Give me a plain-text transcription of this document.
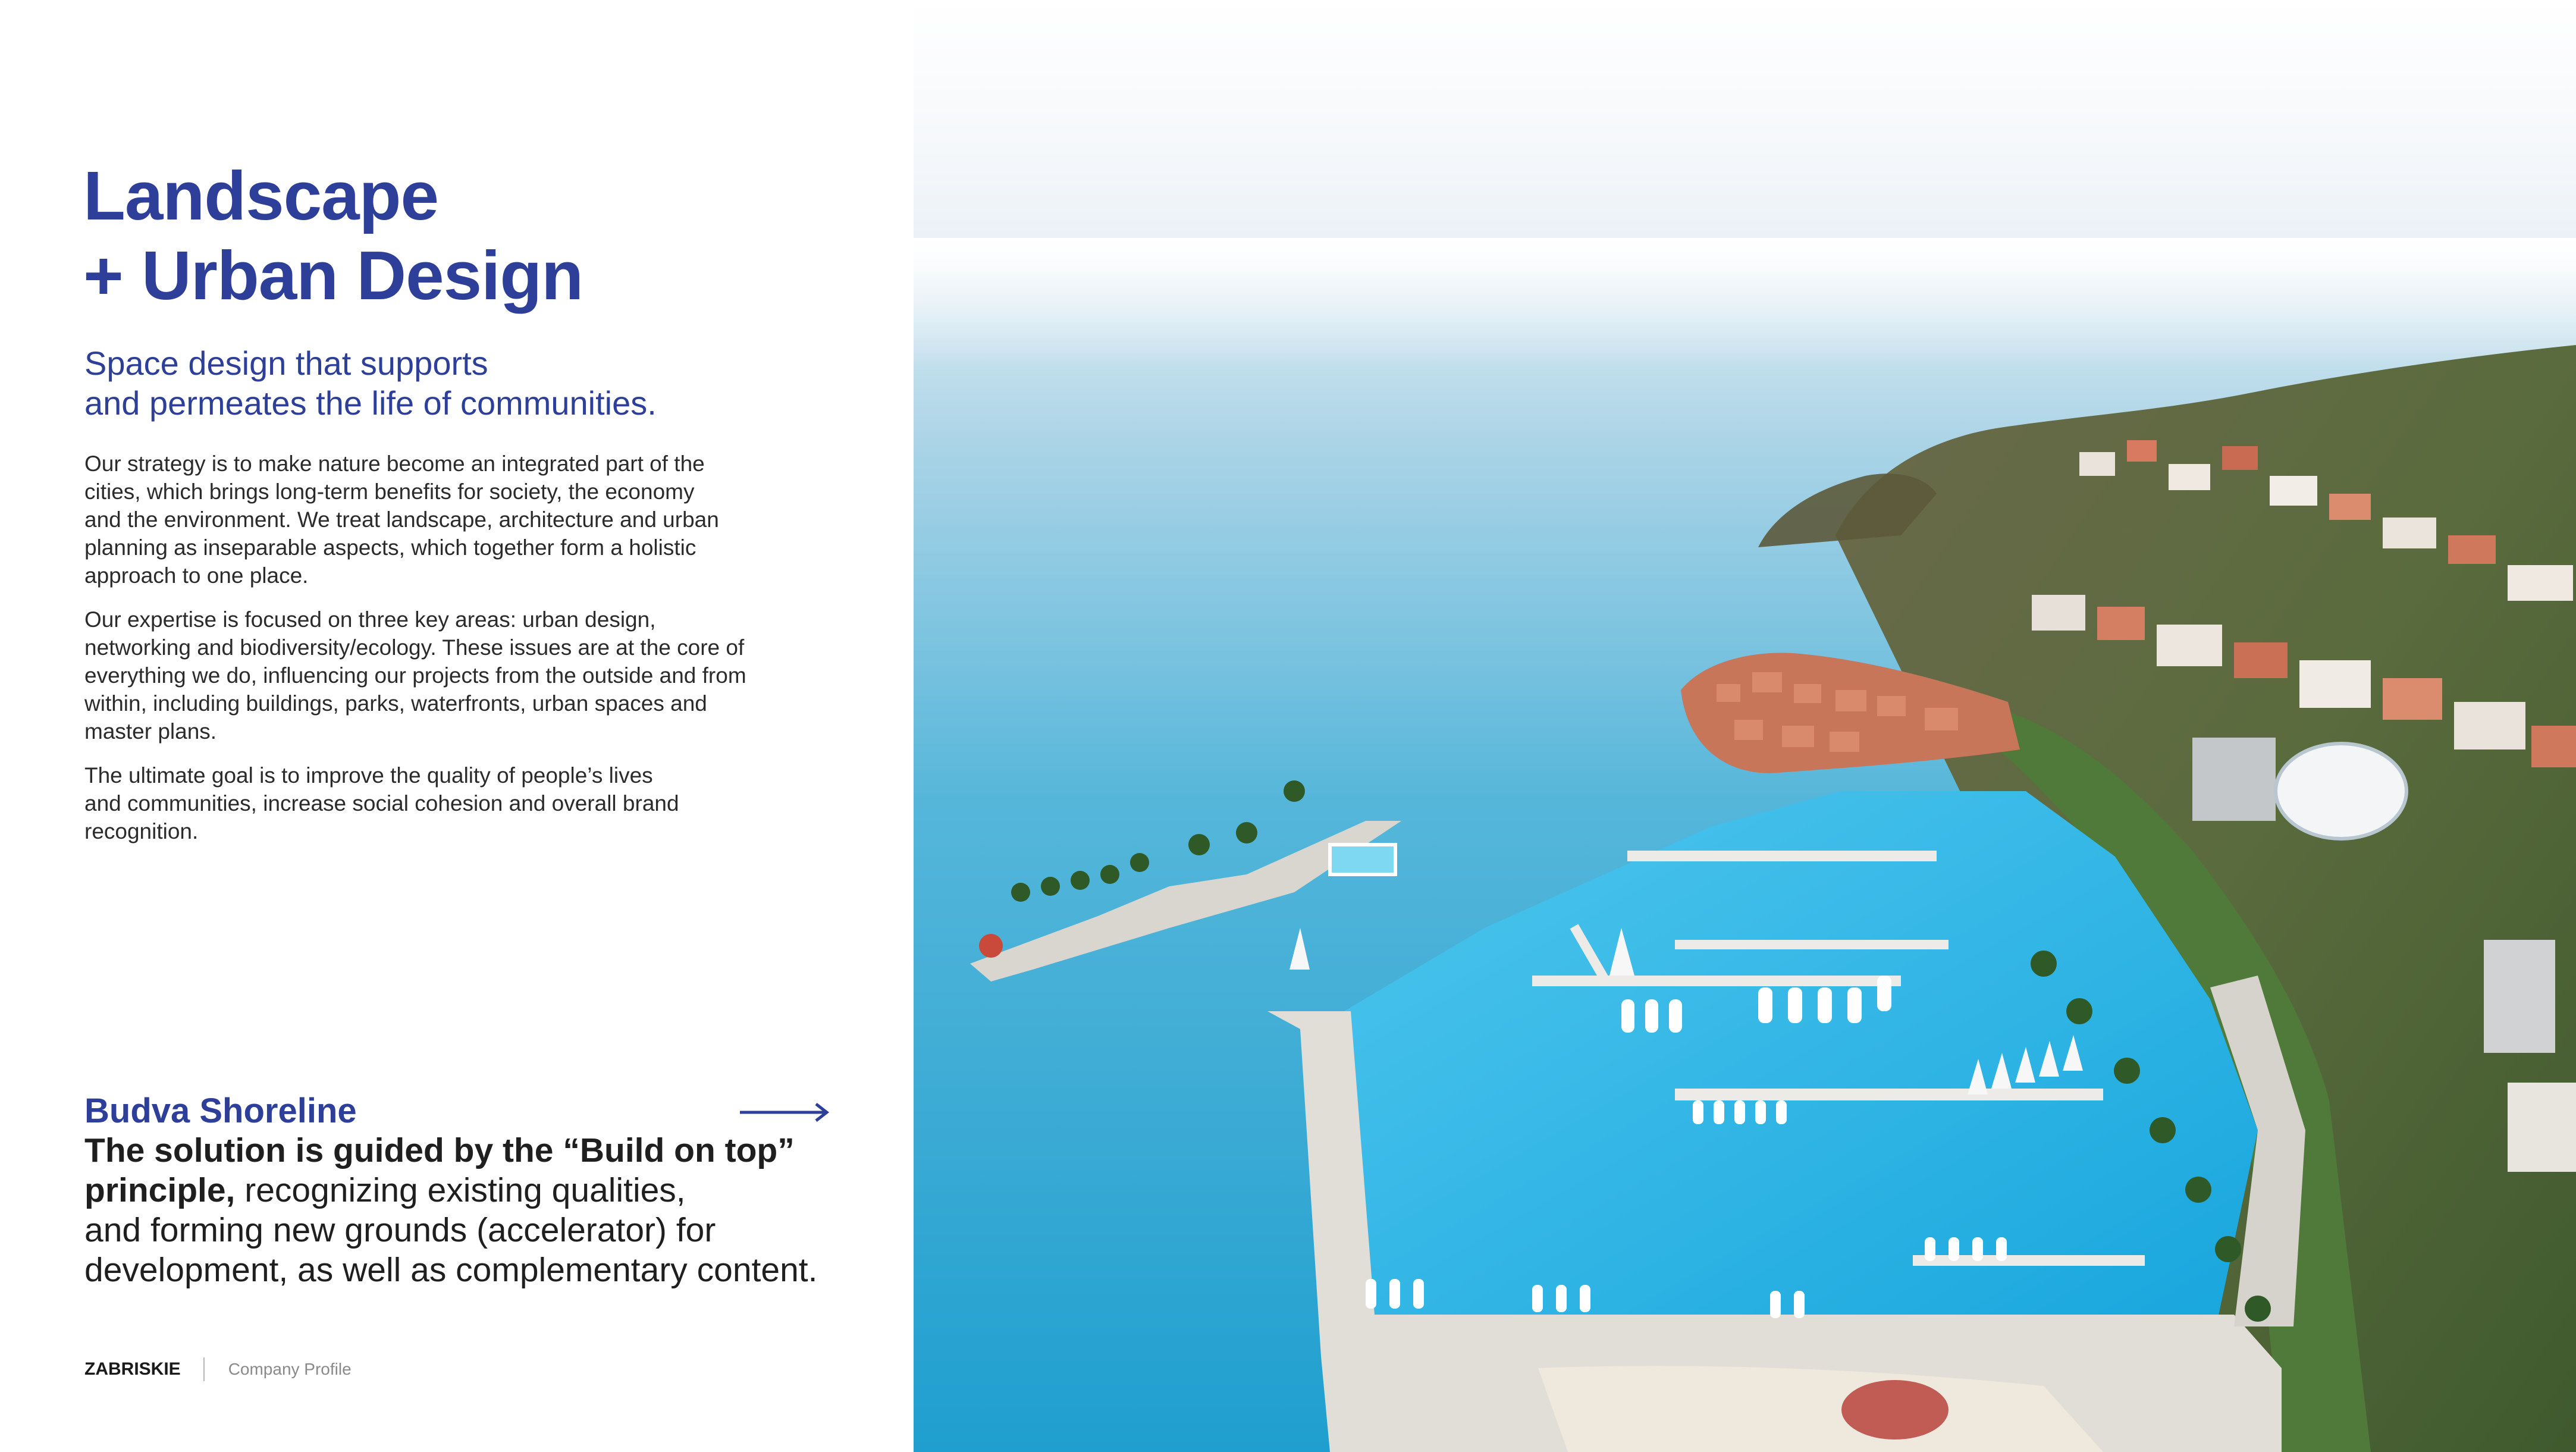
Landscape
+ Urban Design
Space design that supports
and permeates the life of communities.

Our strategy is to make nature become an integrated part of the
cities, which brings long-term benefits for society, the economy
and the environment. We treat landscape, architecture and urban
planning as inseparable aspects, which together form a holistic
approach to one place.

Our expertise is focused on three key areas: urban design,
networking and biodiversity/ecology. These issues are at the core of
everything we do, influencing our projects from the outside and from
within, including buildings, parks, waterfronts, urban spaces and
master plans.

The ultimate goal is to improve the quality of people’s lives
and communities, increase social cohesion and overall brand
recognition.

Budva Shoreline
The solution is guided by the “Build on top”
principle, recognizing existing qualities,
and forming new grounds (accelerator) for
development, as well as complementary content.
ZABRISKIE	Company Profile
